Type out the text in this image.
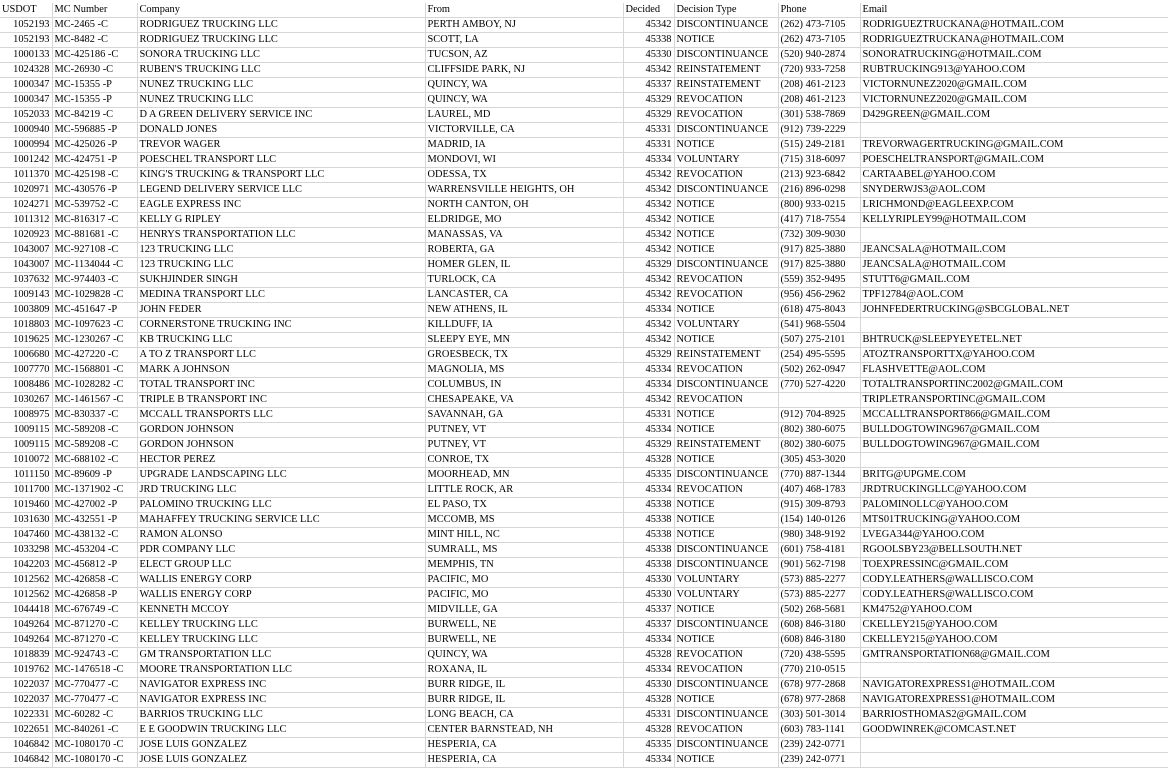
USDOT	MC Number	Company	From	Decided	Decision Type	Phone	Email
1052193	MC-2465 -C	RODRIGUEZ TRUCKING LLC	PERTH AMBOY, NJ	45342	DISCONTINUANCE	(262) 473-7105	RODRIGUEZTRUCKANA@HOTMAIL.COM
1052193	MC-8482 -C	RODRIGUEZ TRUCKING LLC	SCOTT, LA	45338	NOTICE	(262) 473-7105	RODRIGUEZTRUCKANA@HOTMAIL.COM
1000133	MC-425186 -C	SONORA TRUCKING LLC	TUCSON, AZ	45330	DISCONTINUANCE	(520) 940-2874	SONORATRUCKING@HOTMAIL.COM
1024328	MC-26930 -C	RUBEN'S TRUCKING LLC	CLIFFSIDE PARK, NJ	45342	REINSTATEMENT	(720) 933-7258	RUBTRUCKING913@YAHOO.COM
1000347	MC-15355 -P	NUNEZ TRUCKING LLC	QUINCY, WA	45337	REINSTATEMENT	(208) 461-2123	VICTORNUNEZ2020@GMAIL.COM
1000347	MC-15355 -P	NUNEZ TRUCKING LLC	QUINCY, WA	45329	REVOCATION	(208) 461-2123	VICTORNUNEZ2020@GMAIL.COM
1052033	MC-84219 -C	D A GREEN DELIVERY SERVICE INC	LAUREL, MD	45329	REVOCATION	(301) 538-7869	D429GREEN@GMAIL.COM
1000940	MC-596885 -P	DONALD JONES	VICTORVILLE, CA	45331	DISCONTINUANCE	(912) 739-2229	
1000994	MC-425026 -P	TREVOR WAGER	MADRID, IA	45331	NOTICE	(515) 249-2181	TREVORWAGERTRUCKING@GMAIL.COM
1001242	MC-424751 -P	POESCHEL TRANSPORT LLC	MONDOVI, WI	45334	VOLUNTARY	(715) 318-6097	POESCHELTRANSPORT@GMAIL.COM
1011370	MC-425198 -C	KING'S TRUCKING & TRANSPORT LLC	ODESSA, TX	45342	REVOCATION	(213) 923-6842	CARTAABEL@YAHOO.COM
1020971	MC-430576 -P	LEGEND DELIVERY SERVICE LLC	WARRENSVILLE HEIGHTS, OH	45342	DISCONTINUANCE	(216) 896-0298	SNYDERWJS3@AOL.COM
1024271	MC-539752 -C	EAGLE EXPRESS INC	NORTH CANTON, OH	45342	NOTICE	(800) 933-0215	LRICHMOND@EAGLEEXP.COM
1011312	MC-816317 -C	KELLY G RIPLEY	ELDRIDGE, MO	45342	NOTICE	(417) 718-7554	KELLYRIPLEY99@HOTMAIL.COM
1020923	MC-881681 -C	HENRYS TRANSPORTATION LLC	MANASSAS, VA	45342	NOTICE	(732) 309-9030	
1043007	MC-927108 -C	123 TRUCKING LLC	ROBERTA, GA	45342	NOTICE	(917) 825-3880	JEANCSALA@HOTMAIL.COM
1043007	MC-1134044 -C	123 TRUCKING LLC	HOMER GLEN, IL	45329	DISCONTINUANCE	(917) 825-3880	JEANCSALA@HOTMAIL.COM
1037632	MC-974403 -C	SUKHJINDER SINGH	TURLOCK, CA	45342	REVOCATION	(559) 352-9495	STUTT6@GMAIL.COM
1009143	MC-1029828 -C	MEDINA TRANSPORT LLC	LANCASTER, CA	45342	REVOCATION	(956) 456-2962	TPF12784@AOL.COM
1003809	MC-451647 -P	JOHN FEDER	NEW ATHENS, IL	45334	NOTICE	(618) 475-8043	JOHNFEDERTRUCKING@SBCGLOBAL.NET
1018803	MC-1097623 -C	CORNERSTONE TRUCKING INC	KILLDUFF, IA	45342	VOLUNTARY	(541) 968-5504	
1019625	MC-1230267 -C	KB TRUCKING LLC	SLEEPY EYE, MN	45342	NOTICE	(507) 275-2101	BHTRUCK@SLEEPYEYETEL.NET
1006680	MC-427220 -C	A TO Z TRANSPORT LLC	GROESBECK, TX	45329	REINSTATEMENT	(254) 495-5595	ATOZTRANSPORTTX@YAHOO.COM
1007770	MC-1568801 -C	MARK A JOHNSON	MAGNOLIA, MS	45334	REVOCATION	(502) 262-0947	FLASHVETTE@AOL.COM
1008486	MC-1028282 -C	TOTAL TRANSPORT INC	COLUMBUS, IN	45334	DISCONTINUANCE	(770) 527-4220	TOTALTRANSPORTINC2002@GMAIL.COM
1030267	MC-1461567 -C	TRIPLE B TRANSPORT INC	CHESAPEAKE, VA	45342	REVOCATION		TRIPLETRANSPORTINC@GMAIL.COM
1008975	MC-830337 -C	MCCALL TRANSPORTS LLC	SAVANNAH, GA	45331	NOTICE	(912) 704-8925	MCCALLTRANSPORT866@GMAIL.COM
1009115	MC-589208 -C	GORDON JOHNSON	PUTNEY, VT	45334	NOTICE	(802) 380-6075	BULLDOGTOWING967@GMAIL.COM
1009115	MC-589208 -C	GORDON JOHNSON	PUTNEY, VT	45329	REINSTATEMENT	(802) 380-6075	BULLDOGTOWING967@GMAIL.COM
1010072	MC-688102 -C	HECTOR PEREZ	CONROE, TX	45328	NOTICE	(305) 453-3020	
1011150	MC-89609 -P	UPGRADE LANDSCAPING LLC	MOORHEAD, MN	45335	DISCONTINUANCE	(770) 887-1344	BRITG@UPGME.COM
1011700	MC-1371902 -C	JRD TRUCKING LLC	LITTLE ROCK, AR	45334	REVOCATION	(407) 468-1783	JRDTRUCKINGLLC@YAHOO.COM
1019460	MC-427002 -P	PALOMINO TRUCKING LLC	EL PASO, TX	45338	NOTICE	(915) 309-8793	PALOMINOLLC@YAHOO.COM
1031630	MC-432551 -P	MAHAFFEY TRUCKING SERVICE LLC	MCCOMB, MS	45338	NOTICE	(154) 140-0126	MTS01TRUCKING@YAHOO.COM
1047460	MC-438132 -C	RAMON ALONSO	MINT HILL, NC	45338	NOTICE	(980) 348-9192	LVEGA344@YAHOO.COM
1033298	MC-453204 -C	PDR COMPANY LLC	SUMRALL, MS	45338	DISCONTINUANCE	(601) 758-4181	RGOOLSBY23@BELLSOUTH.NET
1042203	MC-456812 -P	ELECT GROUP LLC	MEMPHIS, TN	45338	DISCONTINUANCE	(901) 562-7198	TOEXPRESSINC@GMAIL.COM
1012562	MC-426858 -C	WALLIS ENERGY CORP	PACIFIC, MO	45330	VOLUNTARY	(573) 885-2277	CODY.LEATHERS@WALLISCO.COM
1012562	MC-426858 -P	WALLIS ENERGY CORP	PACIFIC, MO	45330	VOLUNTARY	(573) 885-2277	CODY.LEATHERS@WALLISCO.COM
1044418	MC-676749 -C	KENNETH MCCOY	MIDVILLE, GA	45337	NOTICE	(502) 268-5681	KM4752@YAHOO.COM
1049264	MC-871270 -C	KELLEY TRUCKING LLC	BURWELL, NE	45337	DISCONTINUANCE	(608) 846-3180	CKELLEY215@YAHOO.COM
1049264	MC-871270 -C	KELLEY TRUCKING LLC	BURWELL, NE	45334	NOTICE	(608) 846-3180	CKELLEY215@YAHOO.COM
1018839	MC-924743 -C	GM TRANSPORTATION LLC	QUINCY, WA	45328	REVOCATION	(720) 438-5595	GMTRANSPORTATION68@GMAIL.COM
1019762	MC-1476518 -C	MOORE TRANSPORTATION LLC	ROXANA, IL	45334	REVOCATION	(770) 210-0515	
1022037	MC-770477 -C	NAVIGATOR EXPRESS INC	BURR RIDGE, IL	45330	DISCONTINUANCE	(678) 977-2868	NAVIGATOREXPRESS1@HOTMAIL.COM
1022037	MC-770477 -C	NAVIGATOR EXPRESS INC	BURR RIDGE, IL	45328	NOTICE	(678) 977-2868	NAVIGATOREXPRESS1@HOTMAIL.COM
1022331	MC-60282 -C	BARRIOS TRUCKING LLC	LONG BEACH, CA	45331	DISCONTINUANCE	(303) 501-3014	BARRIOSTHOMAS2@GMAIL.COM
1022651	MC-840261 -C	E E GOODWIN TRUCKING LLC	CENTER BARNSTEAD, NH	45328	REVOCATION	(603) 783-1141	GOODWINREK@COMCAST.NET
1046842	MC-1080170 -C	JOSE LUIS GONZALEZ	HESPERIA, CA	45335	DISCONTINUANCE	(239) 242-0771	
1046842	MC-1080170 -C	JOSE LUIS GONZALEZ	HESPERIA, CA	45334	NOTICE	(239) 242-0771	
